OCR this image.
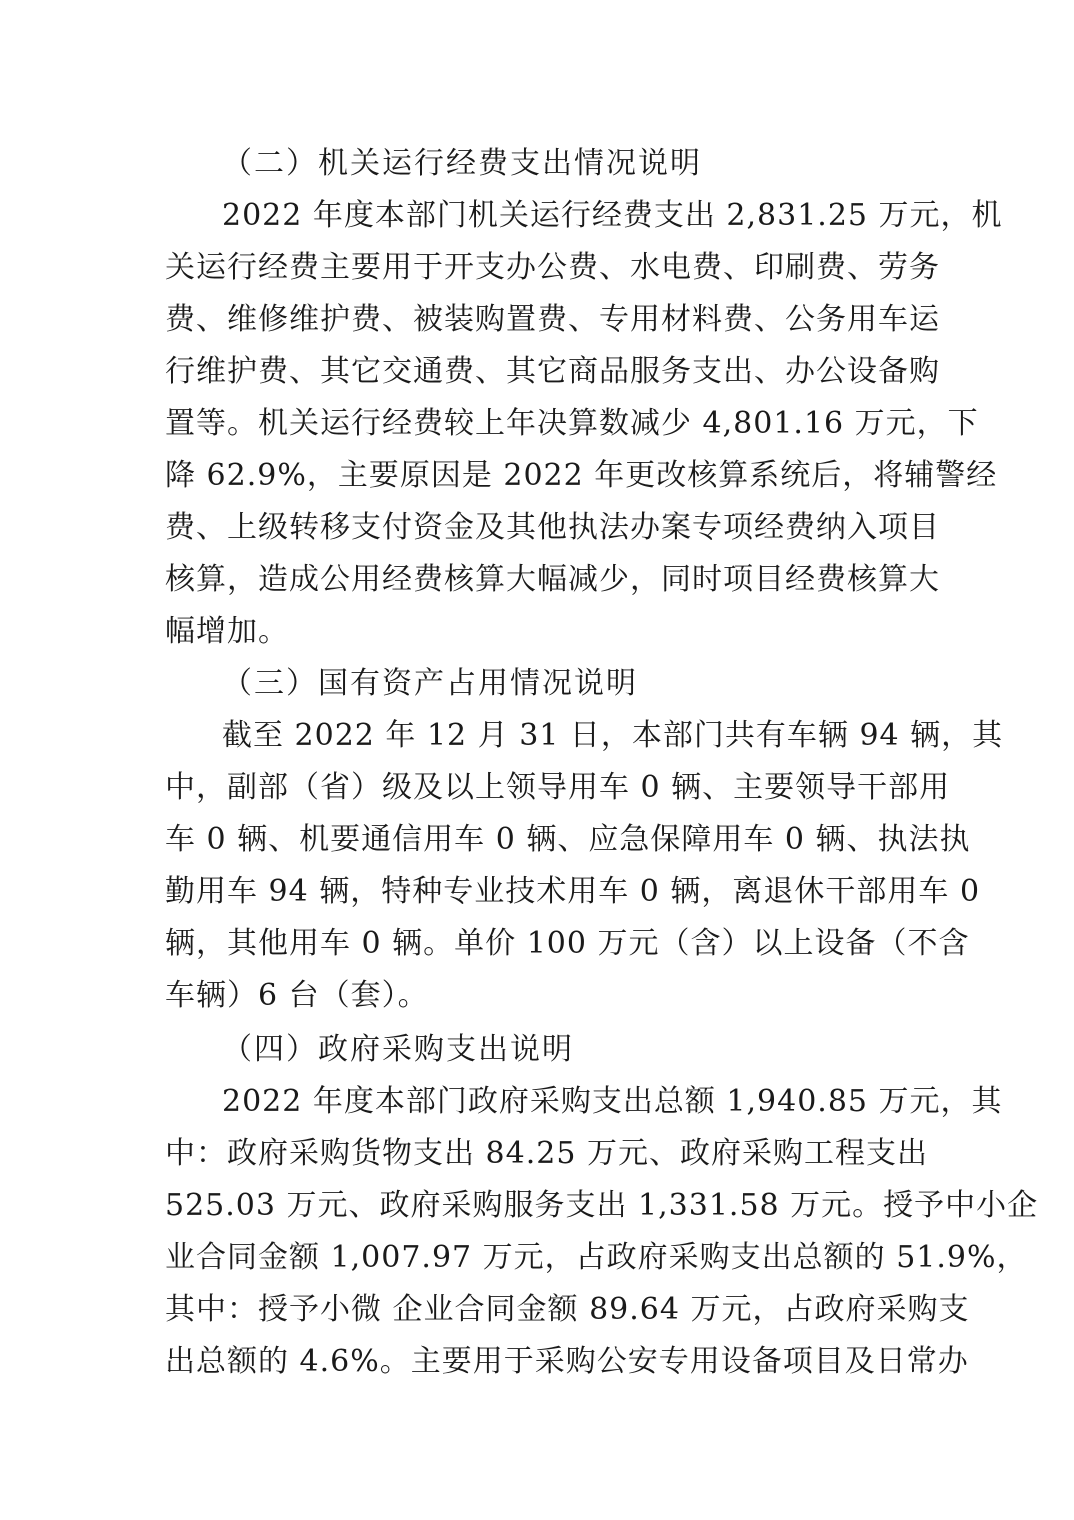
（二）机关运行经费支出情况说明
2022 年度本部门机关运行经费支出 2,831.25 万元，机
关运行经费主要用于开支办公费、水电费、印刷费、劳务
费、维修维护费、被装购置费、专用材料费、公务用车运
行维护费、其它交通费、其它商品服务支出、办公设备购
置等。机关运行经费较上年决算数减少 4,801.16 万元，下
降 62.9%，主要原因是 2022 年更改核算系统后，将辅警经
费、上级转移支付资金及其他执法办案专项经费纳入项目
核算，造成公用经费核算大幅减少，同时项目经费核算大
幅增加。
（三）国有资产占用情况说明
截至 2022 年 12 月 31 日，本部门共有车辆 94 辆，其
中，副部（省）级及以上领导用车 0 辆、主要领导干部用
车 0 辆、机要通信用车 0 辆、应急保障用车 0 辆、执法执
勤用车 94 辆，特种专业技术用车 0 辆，离退休干部用车 0
辆，其他用车 0 辆。单价 100 万元（含）以上设备（不含
车辆）6 台（套）。
（四）政府采购支出说明
2022 年度本部门政府采购支出总额 1,940.85 万元，其
中：政府采购货物支出 84.25 万元、政府采购工程支出
525.03 万元、政府采购服务支出 1,331.58 万元。授予中小企
业合同金额 1,007.97 万元，占政府采购支出总额的 51.9%，
其中：授予小微 企业合同金额 89.64 万元，占政府采购支
出总额的 4.6%。主要用于采购公安专用设备项目及日常办
